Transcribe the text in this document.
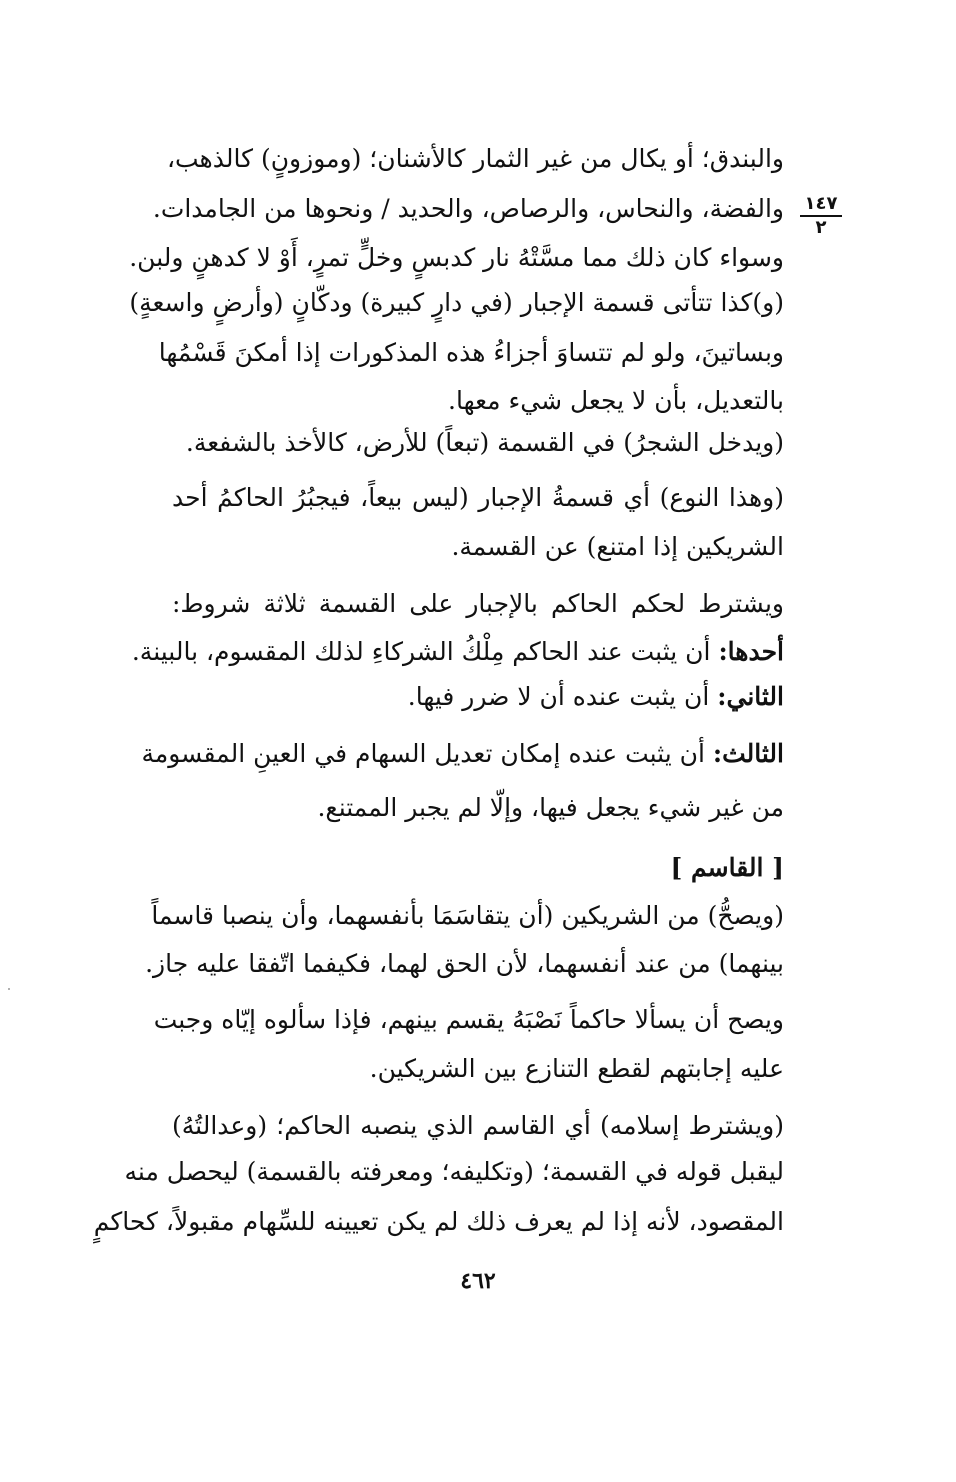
١٤٧
٢
والبندق؛ أو يكال من غير الثمار كالأشنان؛ (وموزونٍ) كالذهب،
والفضة، والنحاس، والرصاص، والحديد / ونحوها من الجامدات.
وسواء كان ذلك مما مسَّتْهُ نار كدبسٍ وخلٍّ تمرٍ، أَوْ لا كدهنٍ ولبن.
(و)كذا تتأتى قسمة الإجبار (في دارٍ كبيرة) ودكّانٍ (وأرضٍ واسعةٍ)
وبساتينَ، ولو لم تتساوَ أجزاءُ هذه المذكورات إذا أمكنَ قَسْمُها
بالتعديل، بأن لا يجعل شيء معها.
(ويدخل الشجرُ) في القسمة (تبعاً) للأرض، كالأخذ بالشفعة.
(وهذا النوع) أي قسمةُ الإجبار (ليس بيعاً، فيجبُرُ الحاكمُ أحد
الشريكين إذا امتنع) عن القسمة.
ويشترط لحكم الحاكم بالإجبار على القسمة ثلاثة شروط:
أحدها: أن يثبت عند الحاكم مِلْكُ الشركاءِ لذلك المقسوم، بالبينة.
الثاني: أن يثبت عنده أن لا ضرر فيها.
الثالث: أن يثبت عنده إمكان تعديل السهام في العينِ المقسومة
من غير شيء يجعل فيها، وإلّا لم يجبر الممتنع.
[ القاسم ]
(ويصحُّ) من الشريكين (أن يتقاسَمَا بأنفسهما، وأن ينصبا قاسماً
بينهما) من عند أنفسهما، لأن الحق لهما، فكيفما اتّفقا عليه جاز.
ويصح أن يسألا حاكماً نَصْبَهُ يقسم بينهم، فإذا سألوه إيّاه وجبت
عليه إجابتهم لقطع التنازع بين الشريكين.
(ويشترط إسلامه) أي القاسم الذي ينصبه الحاكم؛ (وعدالتُهُ)
ليقبل قوله في القسمة؛ (وتكليفه؛ ومعرفته بالقسمة) ليحصل منه
المقصود، لأنه إذا لم يعرف ذلك لم يكن تعيينه للسِّهام مقبولاً، كحاكمٍ
٤٦٢
